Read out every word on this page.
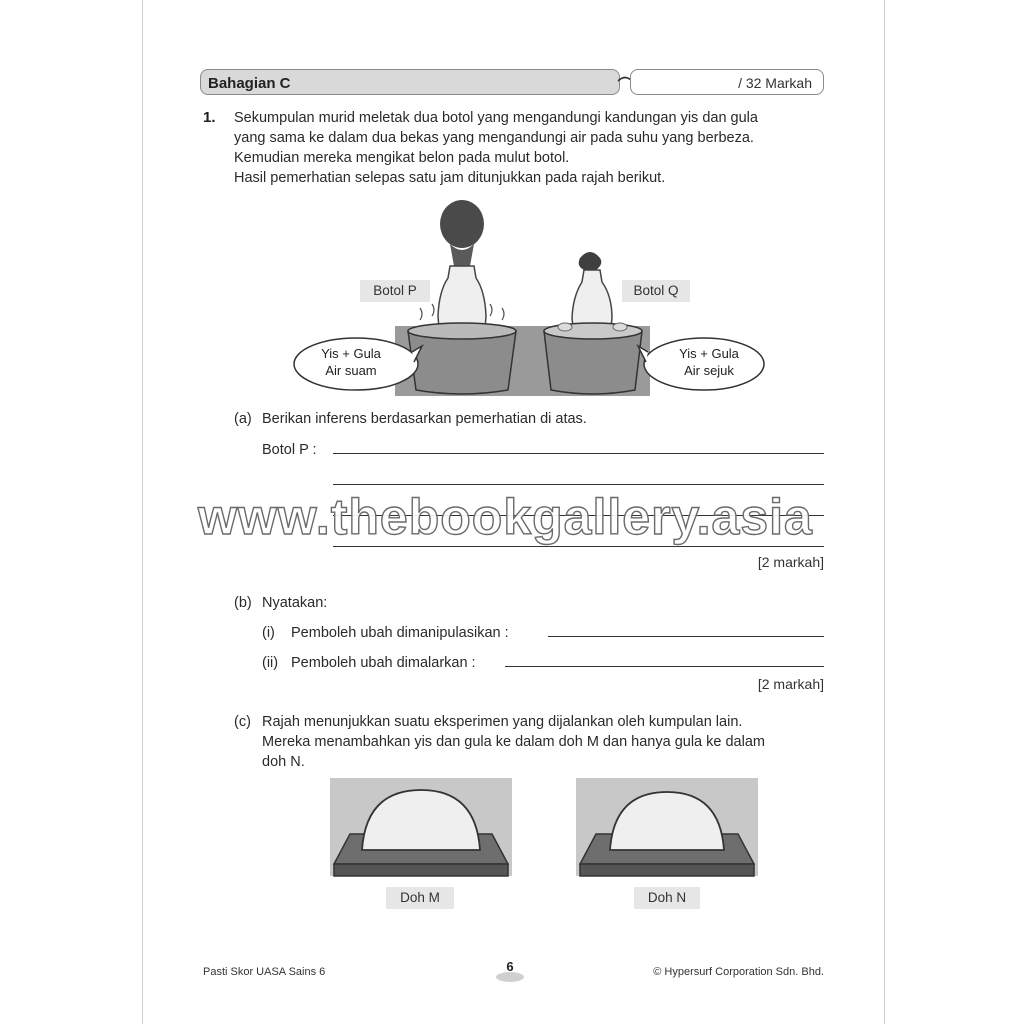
Bahagian C	/ 32 Markah
1. Sekumpulan murid meletak dua botol yang mengandungi kandungan yis dan gula
yang sama ke dalam dua bekas yang mengandungi air pada suhu yang berbeza.
Kemudian mereka mengikat belon pada mulut botol.
Hasil pemerhatian selepas satu jam ditunjukkan pada rajah berikut.
Botol P	Botol Q
Yis + Gula
Air suam
Yis + Gula
Air sejuk
(a) Berikan inferens berdasarkan pemerhatian di atas.
Botol P :
[2 markah]
www.thebookgallery.asia
(b) Nyatakan:
(i) Pemboleh ubah dimanipulasikan :
(ii) Pemboleh ubah dimalarkan :
[2 markah]
(c) Rajah menunjukkan suatu eksperimen yang dijalankan oleh kumpulan lain.
Mereka menambahkan yis dan gula ke dalam doh M dan hanya gula ke dalam
doh N.
Doh M	Doh N
Pasti Skor UASA Sains 6	6	© Hypersurf Corporation Sdn. Bhd.
